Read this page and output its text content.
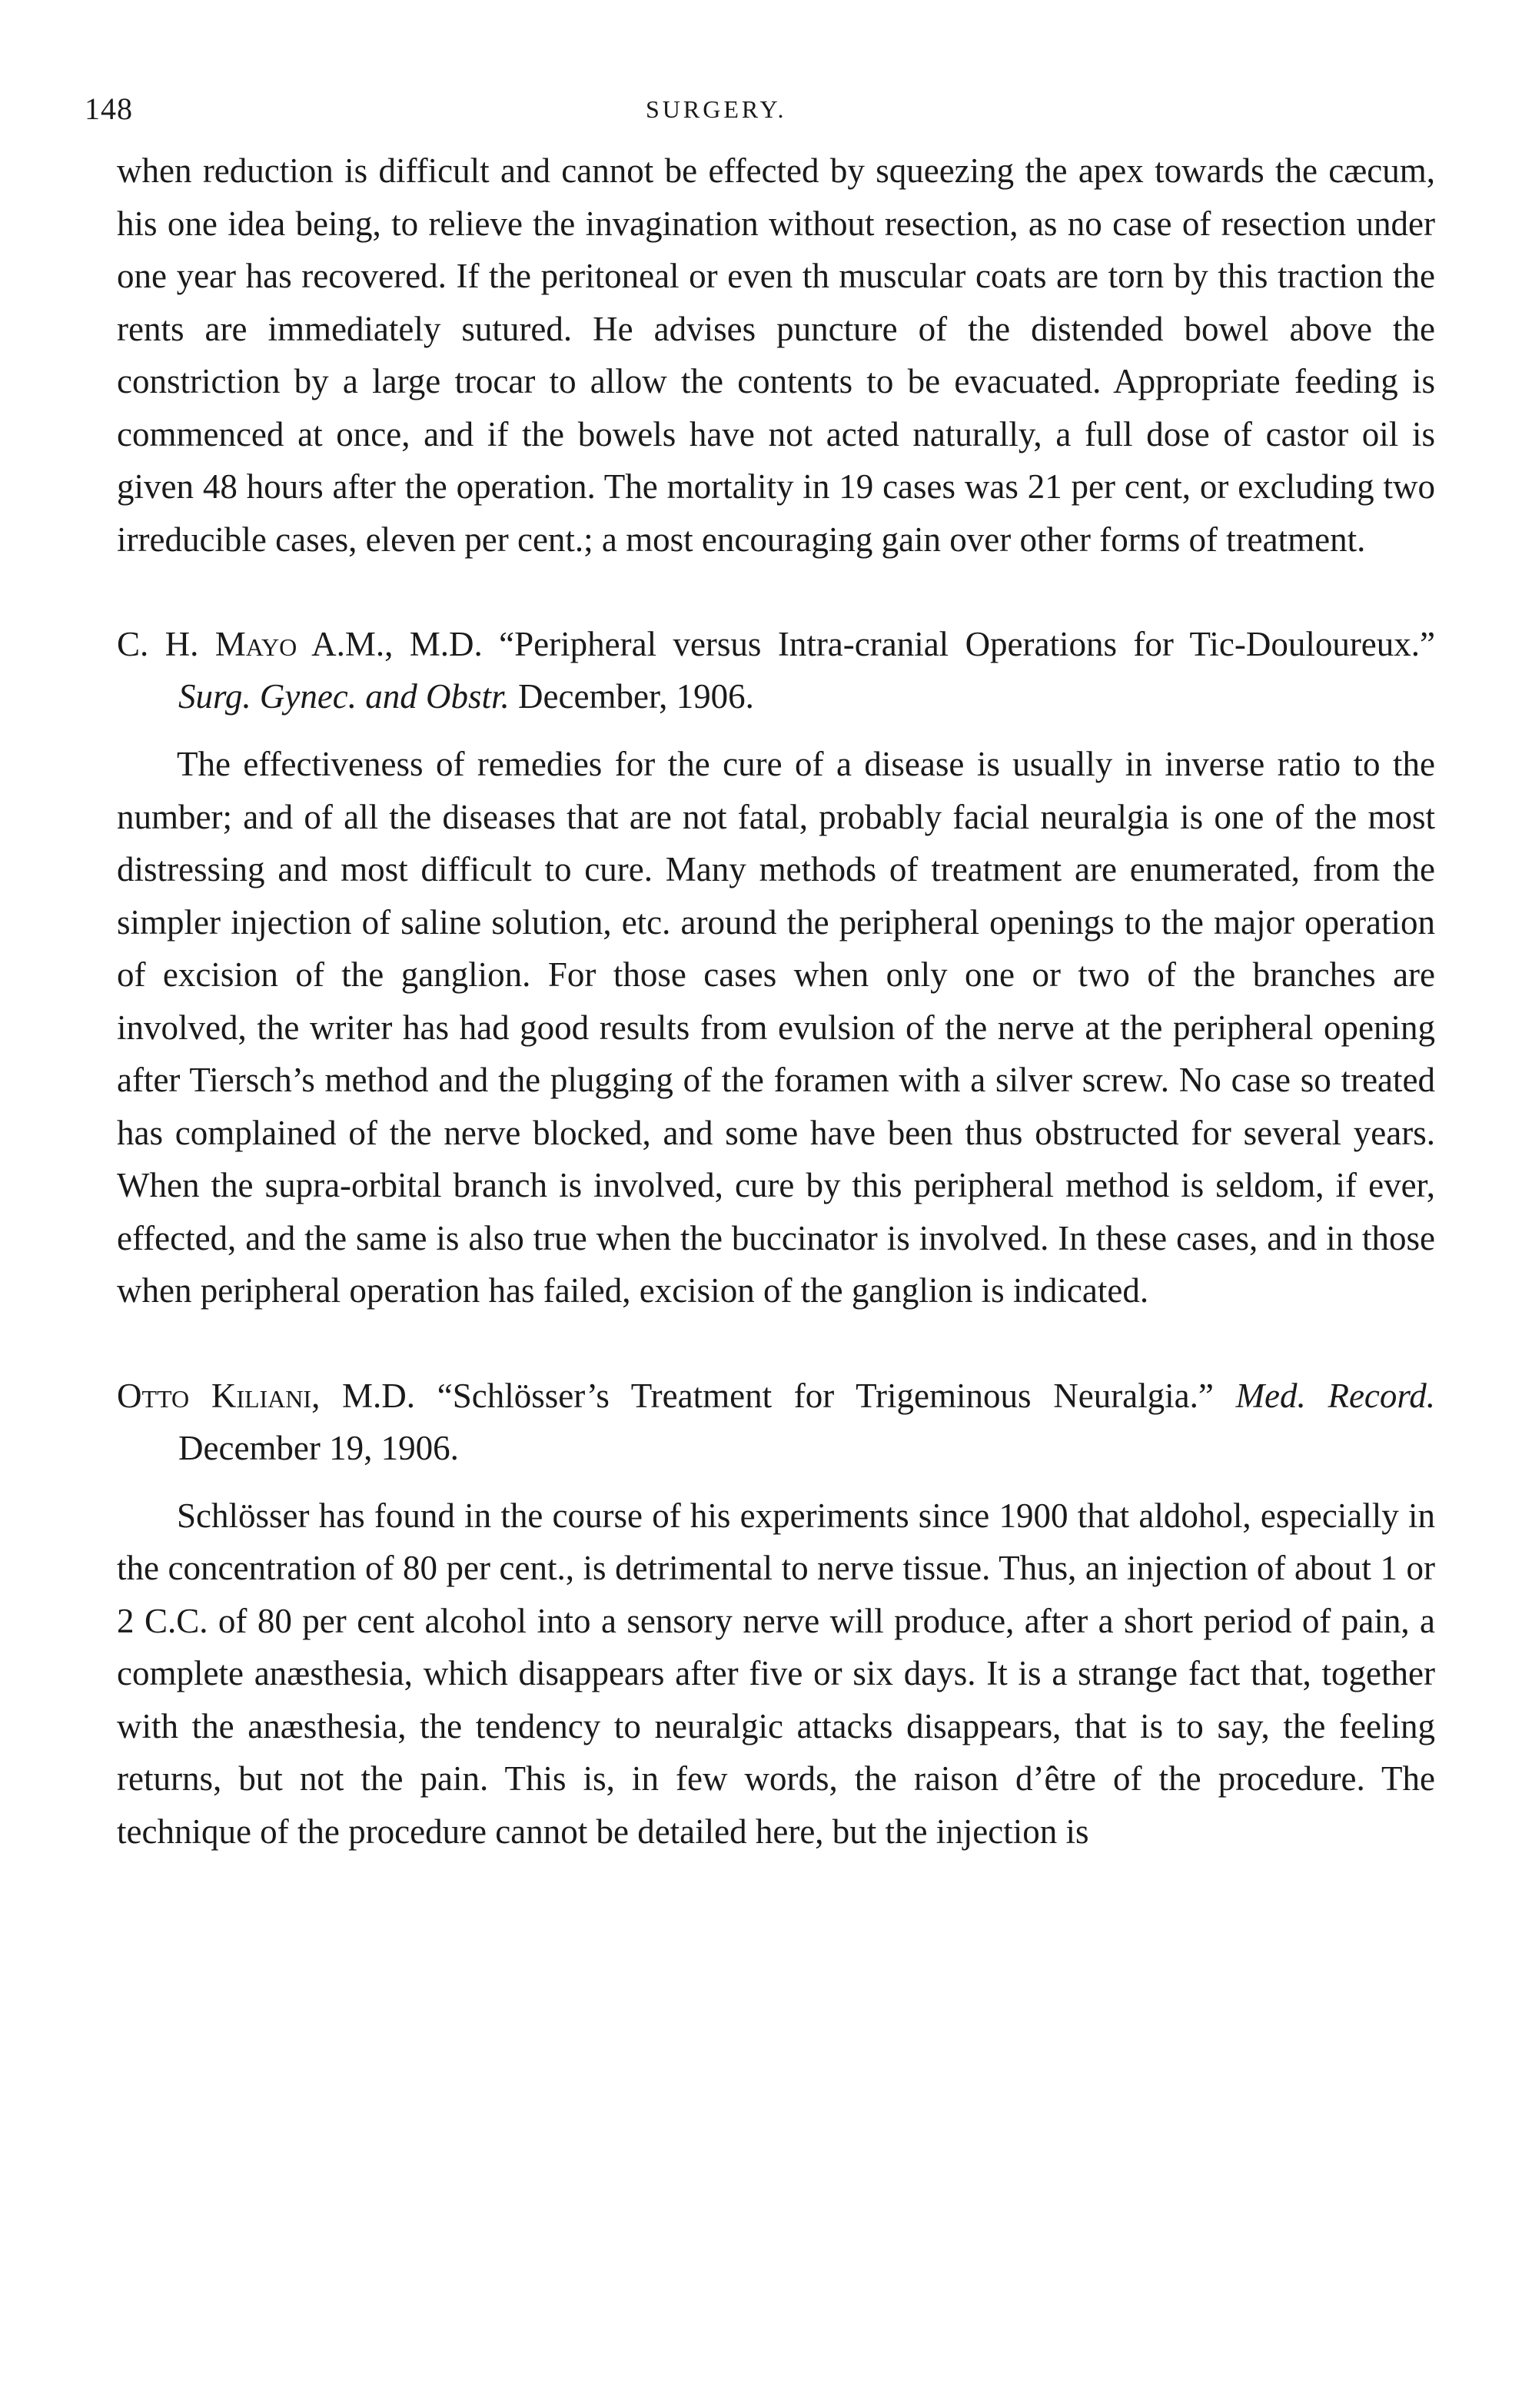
148	SURGERY.

when reduction is difficult and cannot be effected by squeezing the apex towards the cæcum, his one idea being, to relieve the invagination without resection, as no case of resection under one year has recovered. If the peritoneal or even th muscular coats are torn by this traction the rents are immediately sutured. He advises puncture of the distended bowel above the constriction by a large trocar to allow the contents to be evacuated. Appropriate feeding is commenced at once, and if the bowels have not acted naturally, a full dose of castor oil is given 48 hours after the operation. The mortality in 19 cases was 21 per cent, or excluding two irreducible cases, eleven per cent.; a most encouraging gain over other forms of treatment.

C. H. Mayo A.M., M.D. “Peripheral versus Intra-cranial Operations for Tic-Douloureux.” Surg. Gynec. and Obstr. December, 1906.

The effectiveness of remedies for the cure of a disease is usually in inverse ratio to the number; and of all the diseases that are not fatal, probably facial neuralgia is one of the most distressing and most difficult to cure. Many methods of treatment are enumerated, from the simpler injection of saline solution, etc. around the peripheral openings to the major operation of excision of the ganglion. For those cases when only one or two of the branches are involved, the writer has had good results from evulsion of the nerve at the peripheral opening after Tiersch’s method and the plugging of the foramen with a silver screw. No case so treated has complained of the nerve blocked, and some have been thus obstructed for several years. When the supra-orbital branch is involved, cure by this peripheral method is seldom, if ever, effected, and the same is also true when the buccinator is involved. In these cases, and in those when peripheral operation has failed, excision of the ganglion is indicated.

Otto Kiliani, M.D. “Schlösser’s Treatment for Trigeminous Neuralgia.” Med. Record. December 19, 1906.

Schlösser has found in the course of his experiments since 1900 that aldohol, especially in the concentration of 80 per cent., is detrimental to nerve tissue. Thus, an injection of about 1 or 2 C.C. of 80 per cent alcohol into a sensory nerve will produce, after a short period of pain, a complete anæsthesia, which disappears after five or six days. It is a strange fact that, together with the anæsthesia, the tendency to neuralgic attacks disappears, that is to say, the feeling returns, but not the pain. This is, in few words, the raison d’être of the procedure. The technique of the procedure cannot be detailed here, but the injection is
